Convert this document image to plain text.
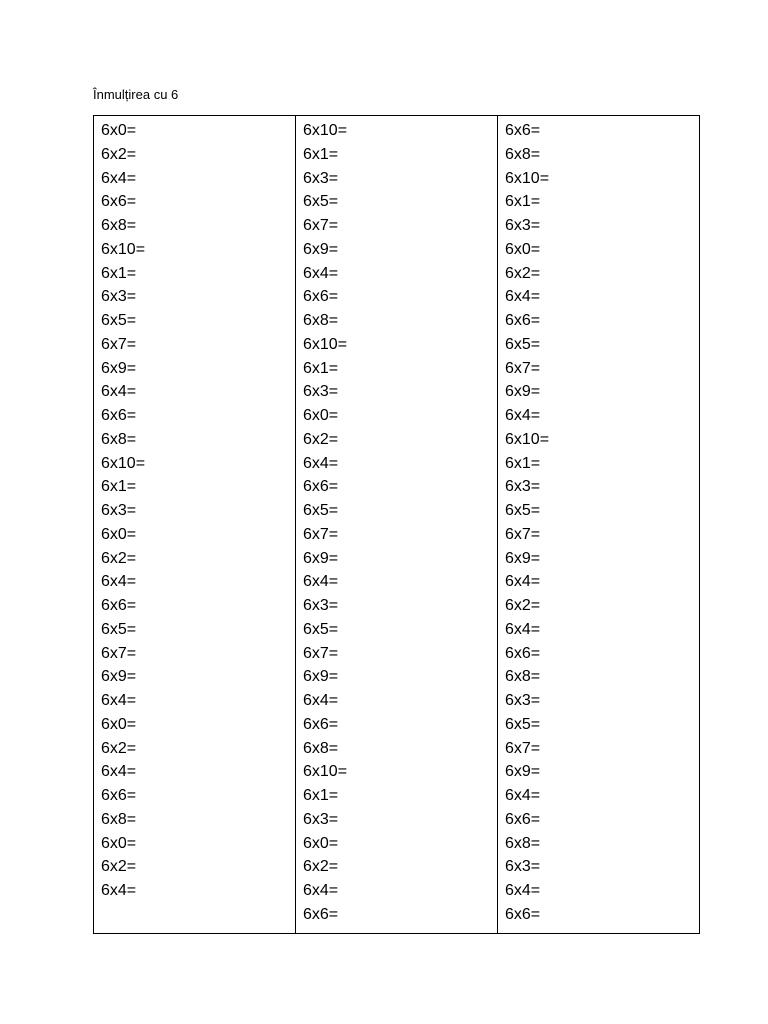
Înmulțirea cu 6
6x0=
6x2=
6x4=
6x6=
6x8=
6x10=
6x1=
6x3=
6x5=
6x7=
6x9=
6x4=
6x6=
6x8=
6x10=
6x1=
6x3=
6x0=
6x2=
6x4=
6x6=
6x5=
6x7=
6x9=
6x4=
6x0=
6x2=
6x4=
6x6=
6x8=
6x0=
6x2=
6x4=

6x10=
6x1=
6x3=
6x5=
6x7=
6x9=
6x4=
6x6=
6x8=
6x10=
6x1=
6x3=
6x0=
6x2=
6x4=
6x6=
6x5=
6x7=
6x9=
6x4=
6x3=
6x5=
6x7=
6x9=
6x4=
6x6=
6x8=
6x10=
6x1=
6x3=
6x0=
6x2=
6x4=
6x6=

6x6=
6x8=
6x10=
6x1=
6x3=
6x0=
6x2=
6x4=
6x6=
6x5=
6x7=
6x9=
6x4=
6x10=
6x1=
6x3=
6x5=
6x7=
6x9=
6x4=
6x2=
6x4=
6x6=
6x8=
6x3=
6x5=
6x7=
6x9=
6x4=
6x6=
6x8=
6x3=
6x4=
6x6=
